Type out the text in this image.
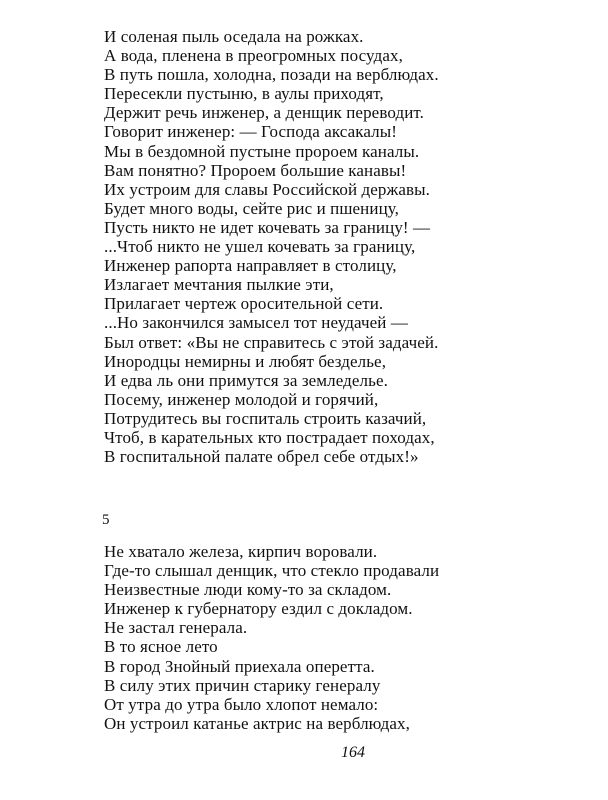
И соленая пыль оседала на рожках.
А вода, пленена в преогромных посудах,
В путь пошла, холодна, позади на верблюдах.
Пересекли пустыню, в аулы приходят,
Держит речь инженер, а денщик переводит.
Говорит инженер: — Господа аксакалы!
Мы в бездомной пустыне пророем каналы.
Вам понятно? Пророем большие канавы!
Их устроим для славы Российской державы.
Будет много воды, сейте рис и пшеницу,
Пусть никто не идет кочевать за границу! —
...Чтоб никто не ушел кочевать за границу,
Инженер рапорта направляет в столицу,
Излагает мечтания пылкие эти,
Прилагает чертеж оросительной сети.
...Но закончился замысел тот неудачей —
Был ответ: «Вы не справитесь с этой задачей.
Инородцы немирны и любят безделье,
И едва ль они примутся за земледелье.
Посему, инженер молодой и горячий,
Потрудитесь вы госпиталь строить казачий,
Чтоб, в карательных кто пострадает походах,
В госпитальной палате обрел себе отдых!»
5
Не хватало железа, кирпич воровали.
Где-то слышал денщик, что стекло продавали
Неизвестные люди кому-то за складом.
Инженер к губернатору ездил с докладом.
Не застал генерала.
В то ясное лето
В город Знойный приехала оперетта.
В силу этих причин старику генералу
От утра до утра было хлопот немало:
Он устроил катанье актрис на верблюдах,
164
